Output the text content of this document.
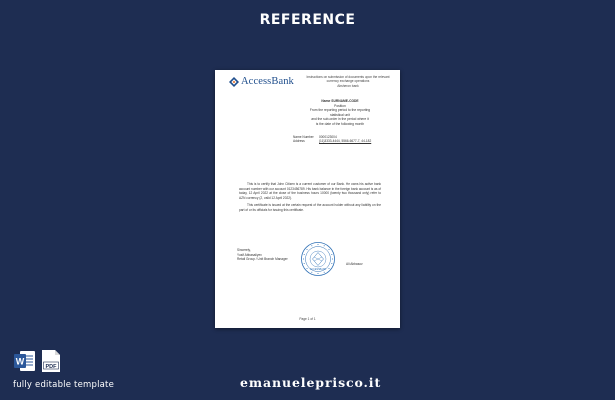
REFERENCE
AccessBank	Instructions on submission of documents upon the relevant currency exchange operations
Absheron bank
Name SURNAME-CODE
Position
From the reporting period to the reporting
statistical unit
and the sub-order in the period where it
is the date of the following month
Name Number	0000123004
Address	(11)3333-4444, 5566-6677-7, 44-182

This is to certify that John Citizen is a current customer of our Bank. He owns his active bank account number with our account 0123456789. His bank balance in the foreign bank account is as of today, 12 April 2022 at the close of the business hours 10000 (twenty two thousand only) refer to AZN currency (2, valid 12 April 2022).

This certificate is issued at the certain request of the account holder without any liability on the part of or its officials for issuing this certificate.

Sincerely,
Yusif Abbasaliyev
Retail Group / Unit Branch Manager
ACCESSBANK
Ali Abbasov
Page 1 of 1
W
PDF
fully editable template	emanueleprisco.it
